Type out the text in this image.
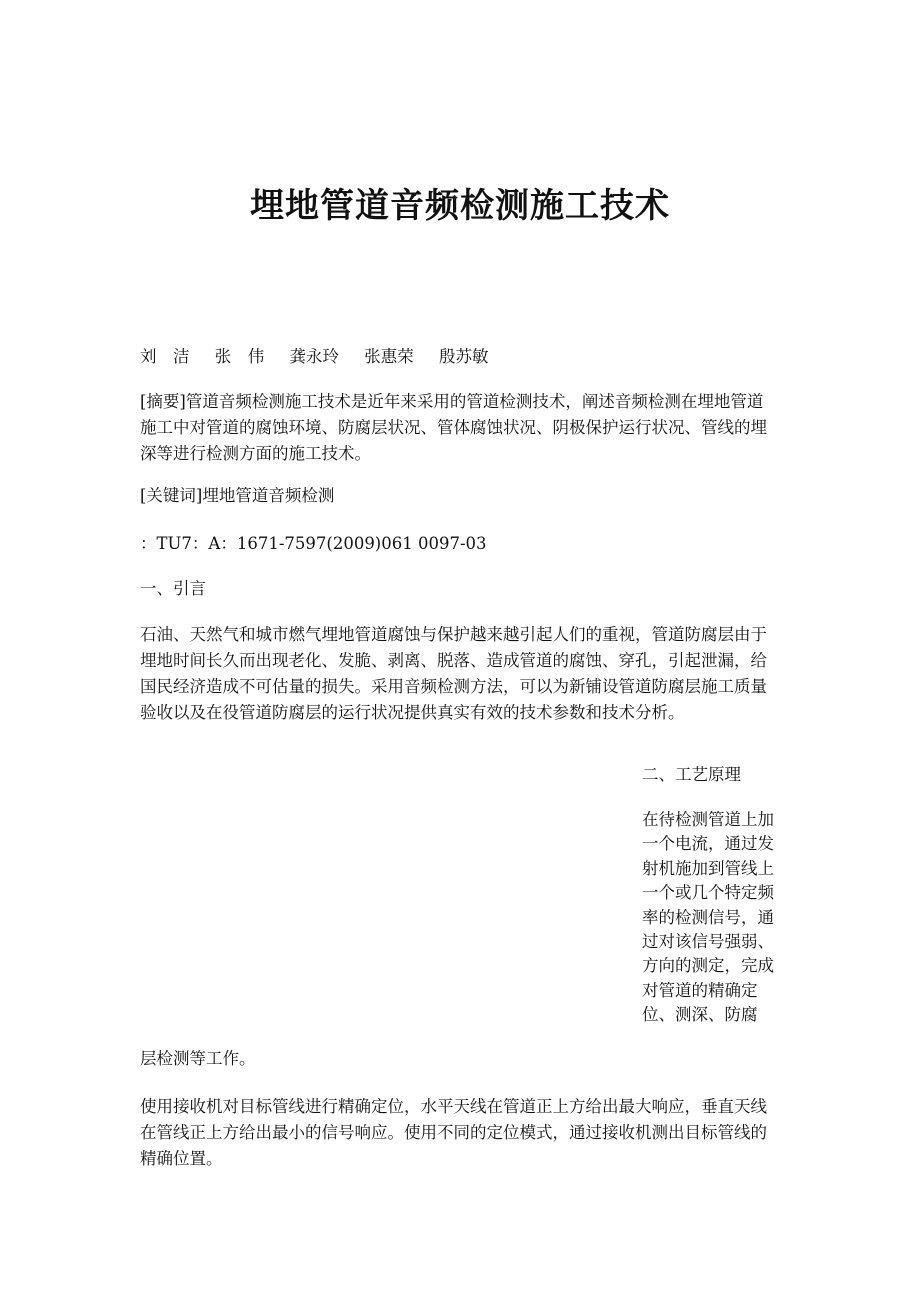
埋地管道音频检测施工技术
刘　洁 张　伟 龚永玲 张惠荣 殷苏敏
[摘要]管道音频检测施工技术是近年来采用的管道检测技术，阐述音频检测在埋地管道施工中对管道的腐蚀环境、防腐层状况、管体腐蚀状况、阴极保护运行状况、管线的埋深等进行检测方面的施工技术。
[关键词]埋地管道音频检测
：TU7：A：1671-7597(2009)061 0097-03
一、引言
石油、天然气和城市燃气埋地管道腐蚀与保护越来越引起人们的重视，管道防腐层由于埋地时间长久而出现老化、发脆、剥离、脱落、造成管道的腐蚀、穿孔，引起泄漏，给国民经济造成不可估量的损失。采用音频检测方法，可以为新铺设管道防腐层施工质量验收以及在役管道防腐层的运行状况提供真实有效的技术参数和技术分析。
二、工艺原理
在待检测管道上加一个电流，通过发射机施加到管线上一个或几个特定频率的检测信号，通过对该信号强弱、方向的测定，完成对管道的精确定位、测深、防腐
层检测等工作。
使用接收机对目标管线进行精确定位，水平天线在管道正上方给出最大响应，垂直天线在管线正上方给出最小的信号响应。使用不同的定位模式，通过接收机测出目标管线的精确位置。
